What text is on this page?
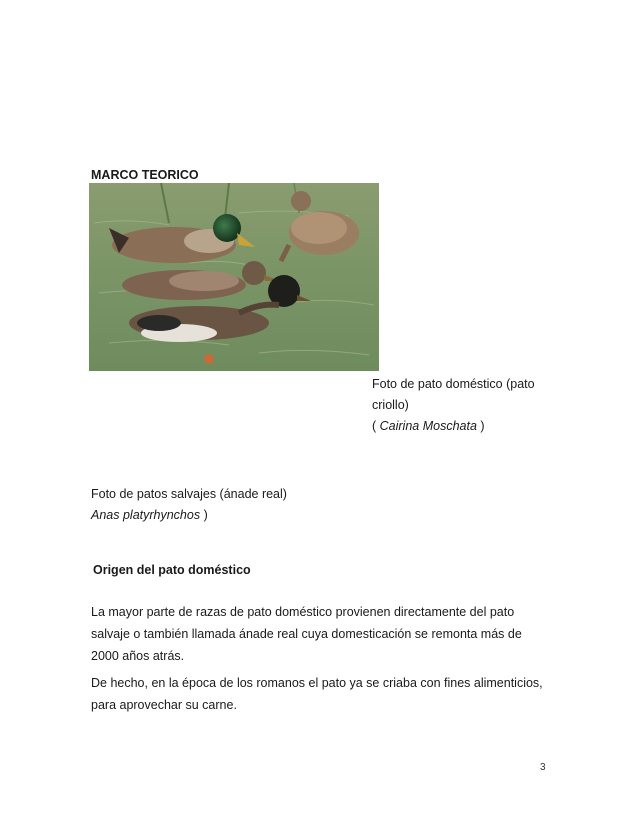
MARCO TEORICO
Foto de pato doméstico (pato
criollo)
( Cairina Moschata )
Foto de patos salvajes (ánade real)
Anas platyrhynchos )
Origen del pato doméstico
La mayor parte de razas de pato doméstico provienen directamente del pato
salvaje o también llamada ánade real cuya domesticación se remonta más de
2000 años atrás.
De hecho, en la época de los romanos el pato ya se criaba con fines alimenticios,
para aprovechar su carne.
3
